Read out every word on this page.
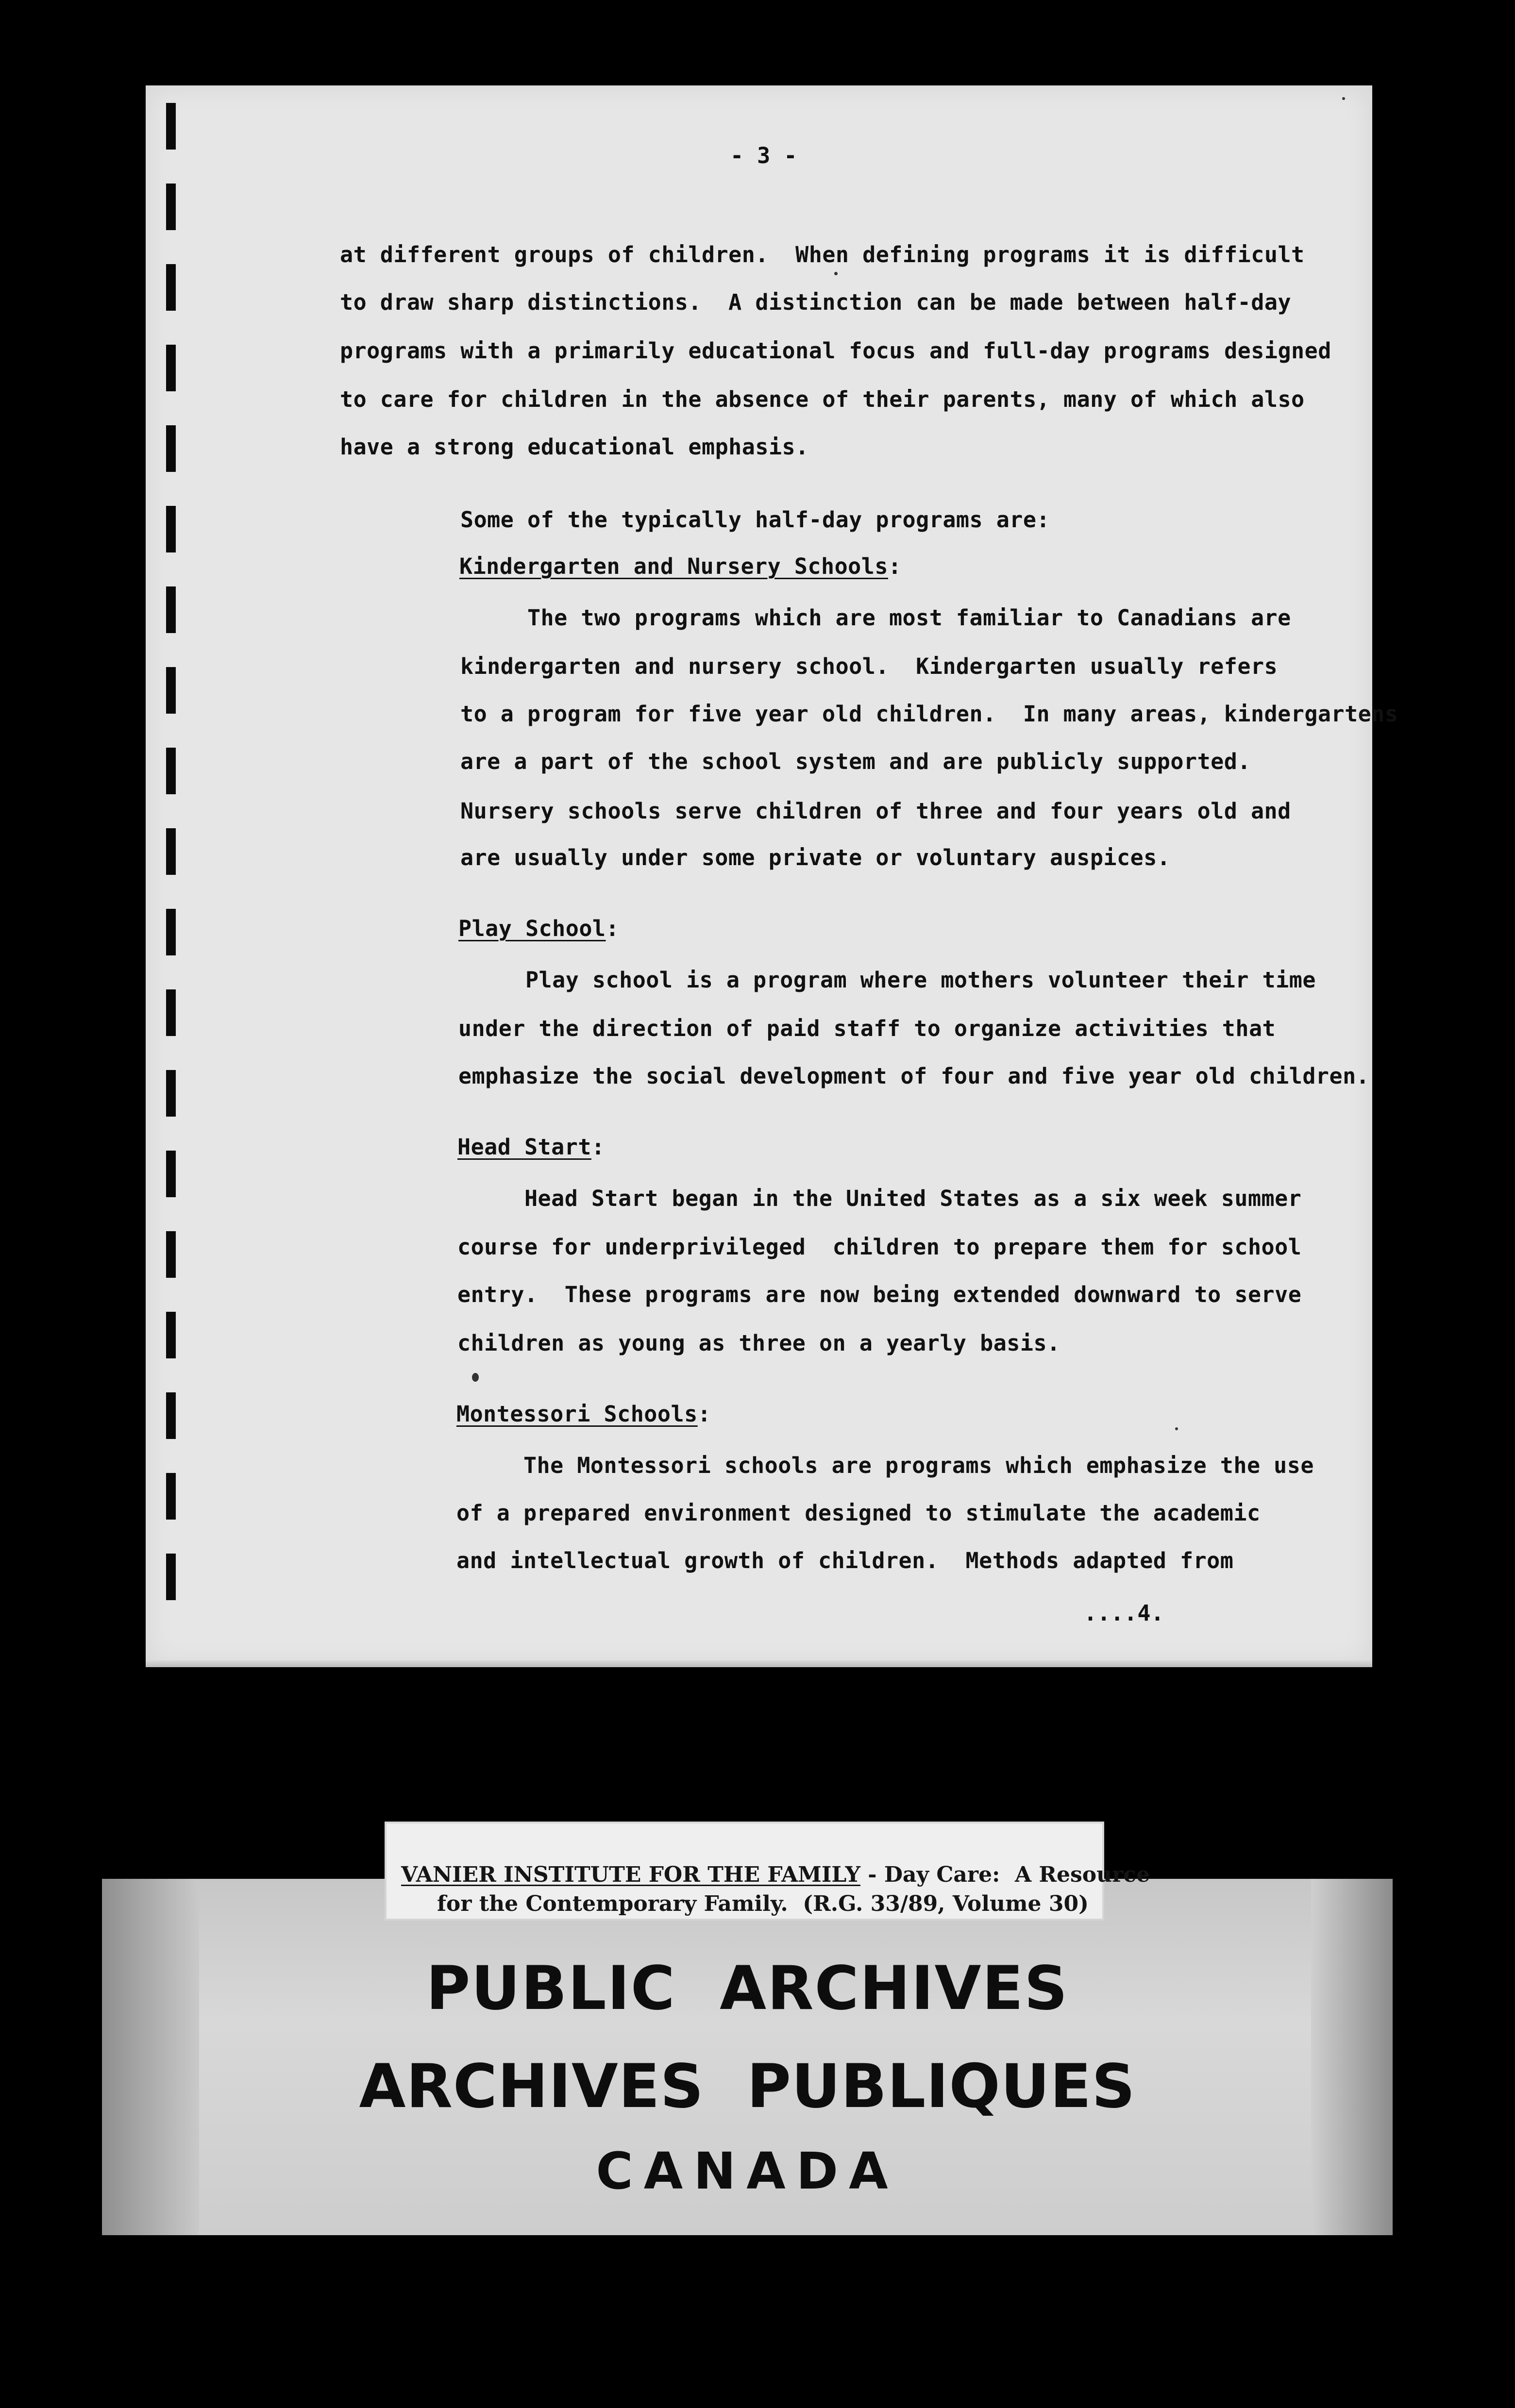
- 3 -
at different groups of children.  When defining programs it is difficult
to draw sharp distinctions.  A distinction can be made between half-day
programs with a primarily educational focus and full-day programs designed
to care for children in the absence of their parents, many of which also
have a strong educational emphasis.
Some of the typically half-day programs are:
Kindergarten and Nursery Schools:
The two programs which are most familiar to Canadians are
kindergarten and nursery school.  Kindergarten usually refers
to a program for five year old children.  In many areas, kindergartens
are a part of the school system and are publicly supported.
Nursery schools serve children of three and four years old and
are usually under some private or voluntary auspices.
Play School:
Play school is a program where mothers volunteer their time
under the direction of paid staff to organize activities that
emphasize the social development of four and five year old children.
Head Start:
Head Start began in the United States as a six week summer
course for underprivileged  children to prepare them for school
entry.  These programs are now being extended downward to serve
children as young as three on a yearly basis.
Montessori Schools:
The Montessori schools are programs which emphasize the use
of a prepared environment designed to stimulate the academic
and intellectual growth of children.  Methods adapted from
....4.
VANIER INSTITUTE FOR THE FAMILY - Day Care:  A Resource
for the Contemporary Family.  (R.G. 33/89, Volume 30)
PUBLIC  ARCHIVES
ARCHIVES  PUBLIQUES
CANADA
